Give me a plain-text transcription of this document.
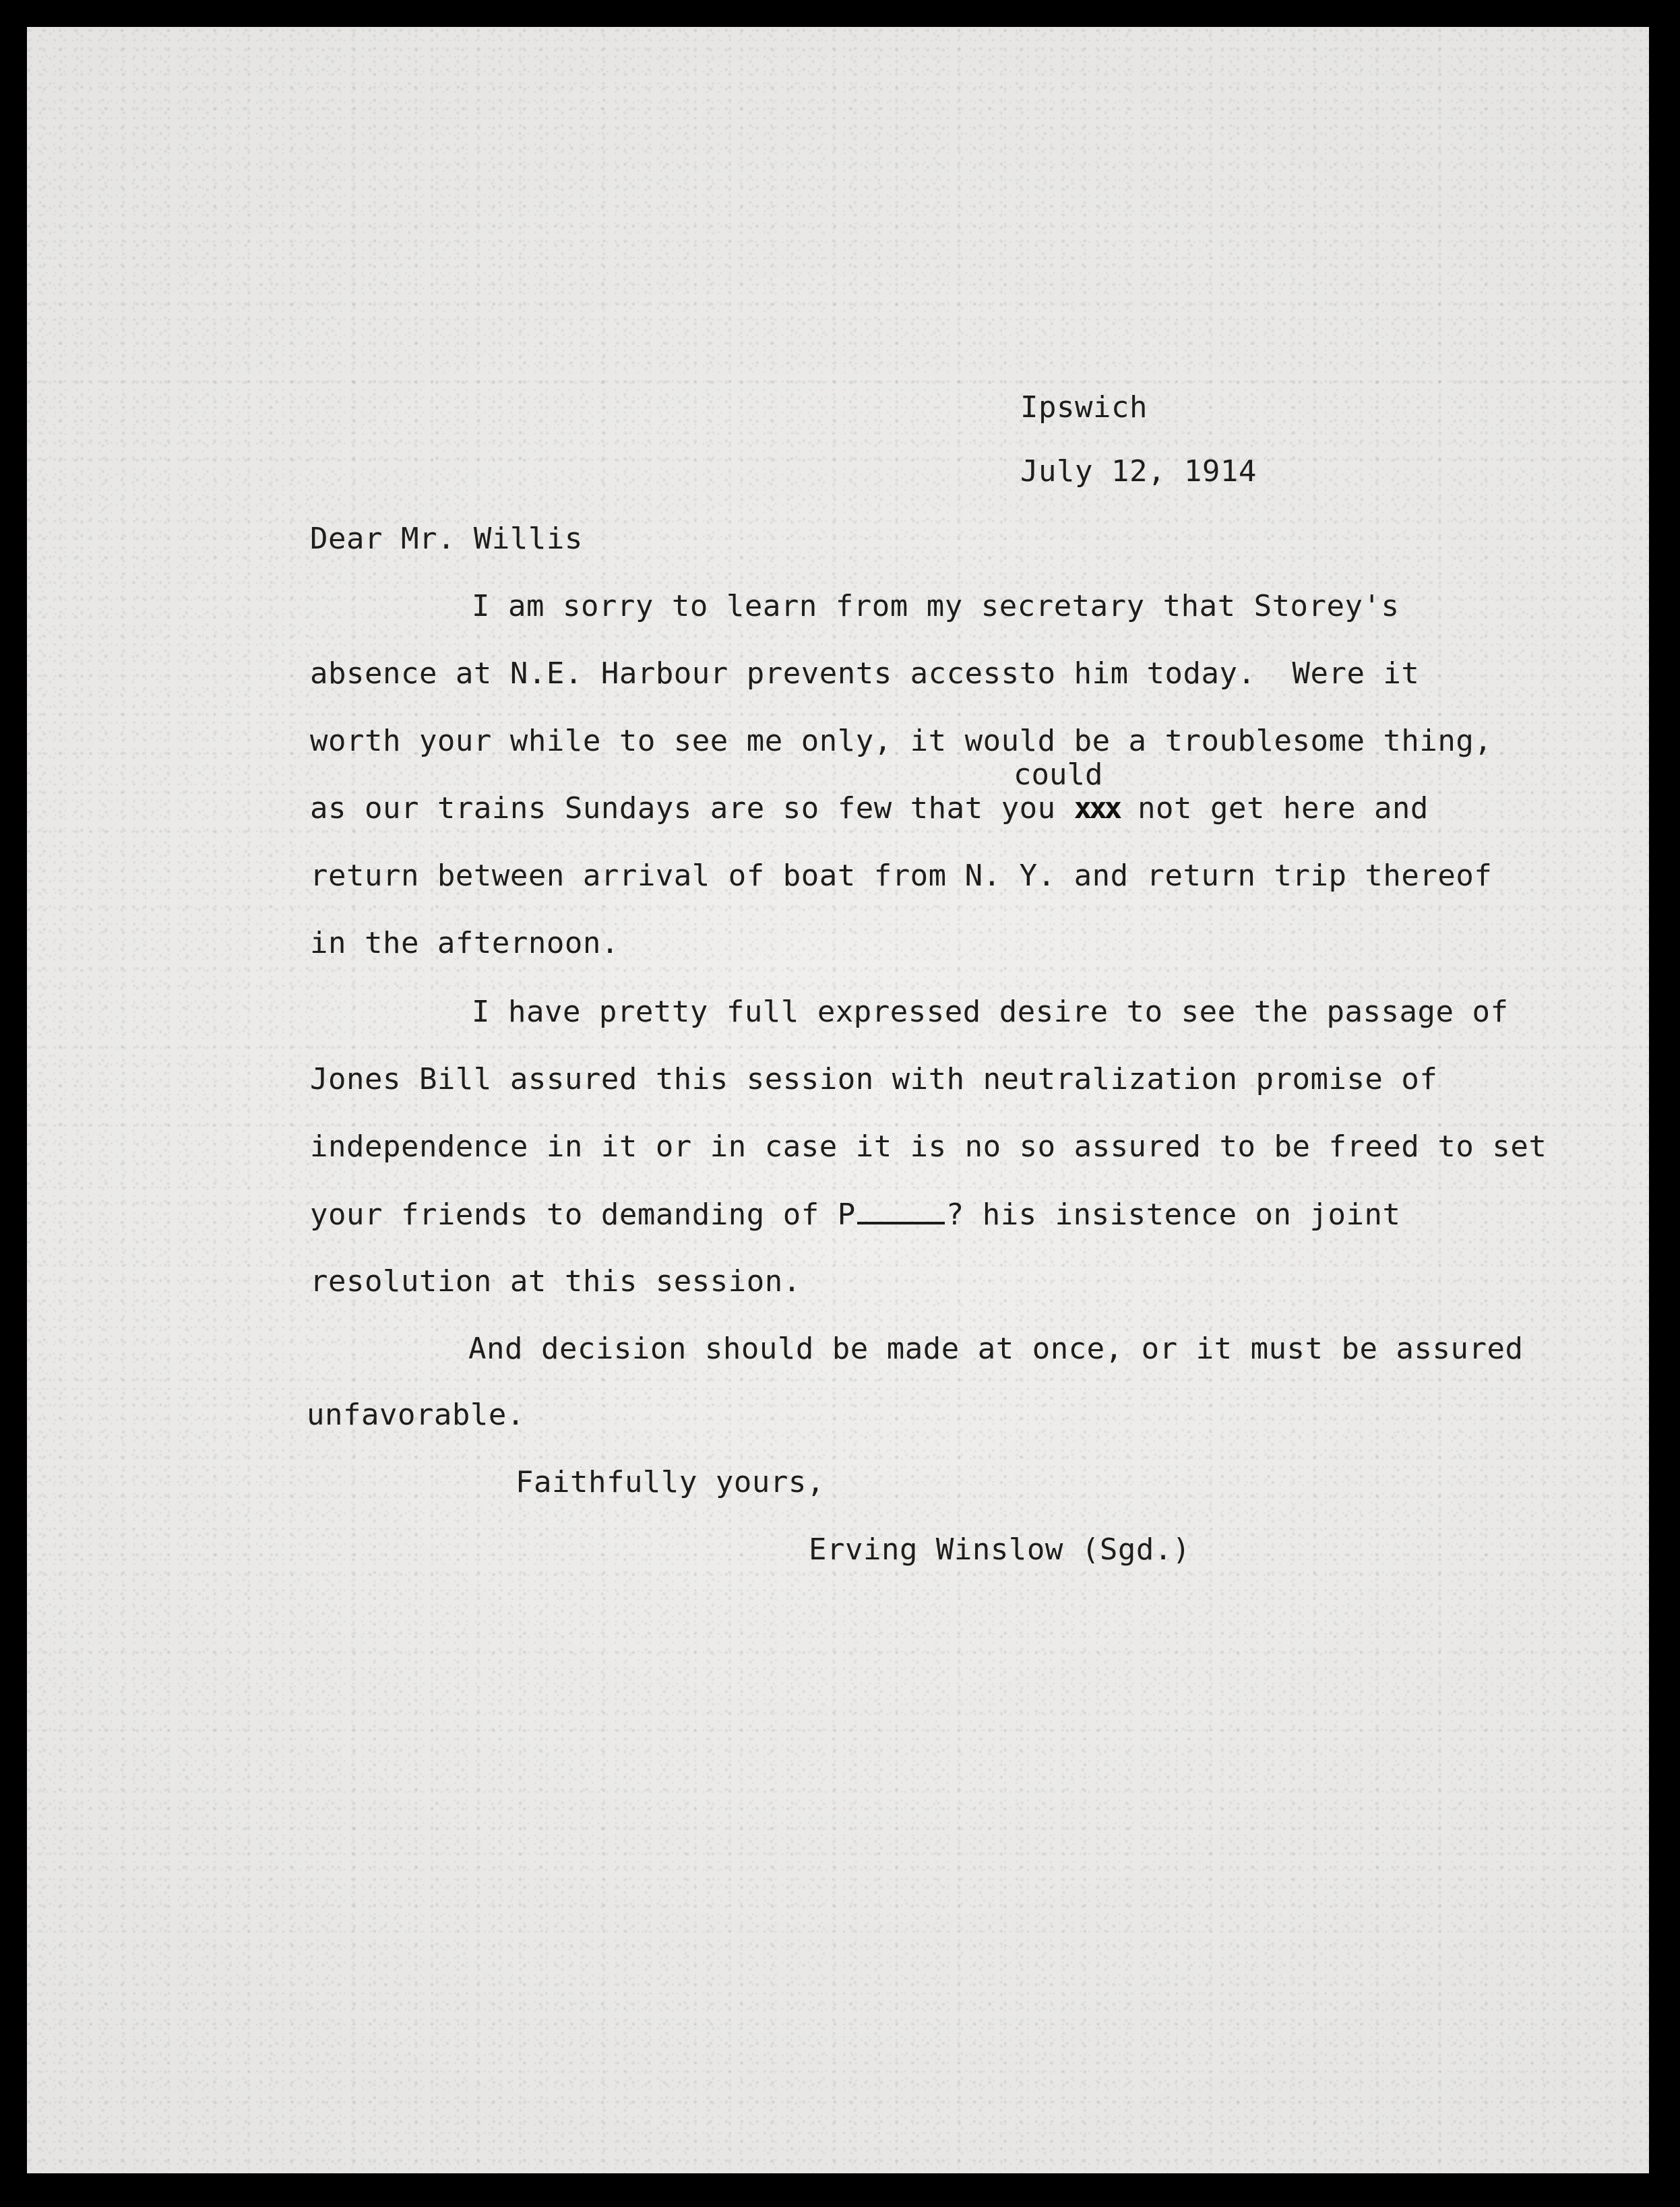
Ipswich
July 12, 1914
Dear Mr. Willis
I am sorry to learn from my secretary that Storey's
absence at N.E. Harbour prevents accessto him today.  Were it
worth your while to see me only, it would be a troublesome thing,
could
as our trains Sundays are so few that you xxx not get here and
return between arrival of boat from N. Y. and return trip thereof
in the afternoon.
I have pretty full expressed desire to see the passage of
Jones Bill assured this session with neutralization promise of
independence in it or in case it is no so assured to be freed to set
your friends to demanding of P	? his insistence on joint
resolution at this session.
And decision should be made at once, or it must be assured
unfavorable.
Faithfully yours,
Erving Winslow (Sgd.)
